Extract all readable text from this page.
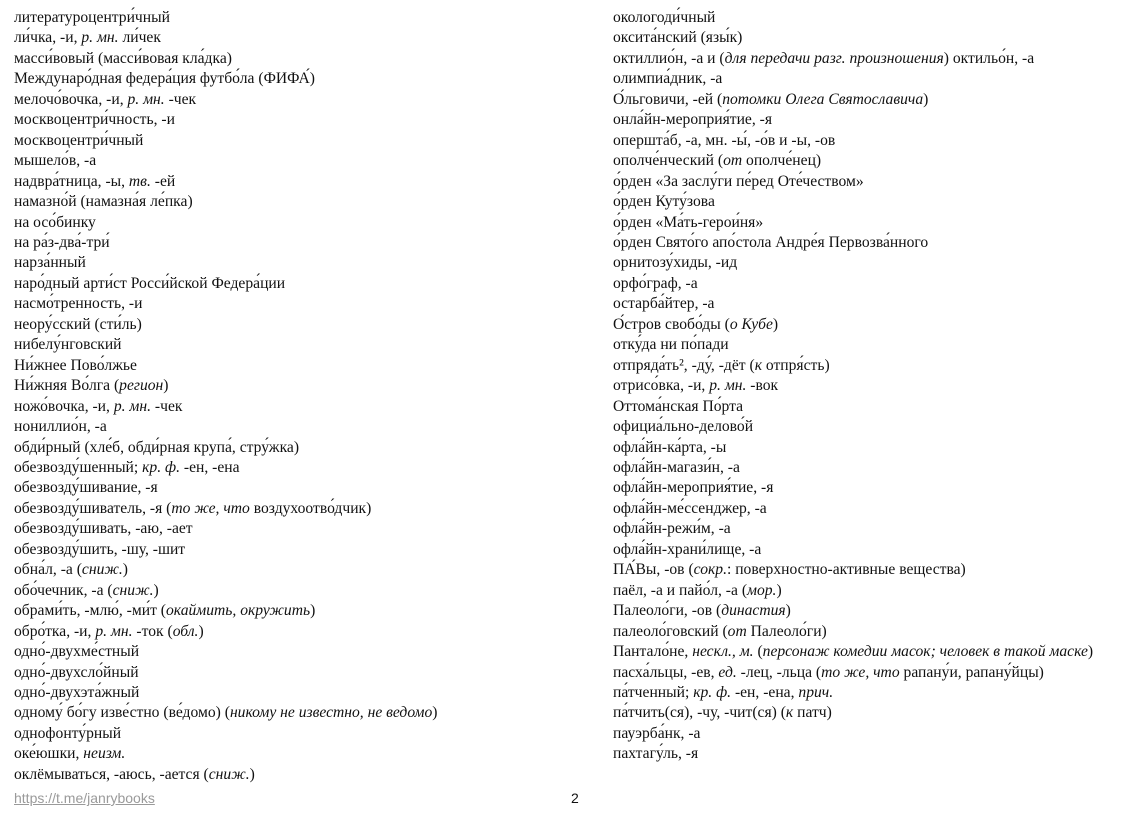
литературоцентри́чный
ли́чка, -и, р. мн. ли́чек
масси́вовый (масси́вовая кла́дка)
Междунаро́дная федера́ция футбо́ла (ФИФА́)
мелочо́вочка, -и, р. мн. -чек
москвоцентри́чность, -и
москвоцентри́чный
мышело́в, -а
надвра́тница, -ы, тв. -ей
намазно́й (намазна́я ле́пка)
на осо́бинку
на ра́з-два́-три́
нарза́нный
наро́дный арти́ст Росси́йской Федера́ции
насмо́тренность, -и
неору́сский (сти́ль)
нибелу́нговский
Ни́жнее Пово́лжье
Ни́жняя Во́лга (регион)
ножо́вочка, -и, р. мн. -чек
нониллио́н, -а
обди́рный (хле́б, обди́рная крупа́, стру́жка)
обезвозду́шенный; кр. ф. -ен, -ена
обезвозду́шивание, -я
обезвозду́шиватель, -я (то же, что воздухоотво́дчик)
обезвозду́шивать, -аю, -ает
обезвозду́шить, -шу, -шит
обна́л, -а (сниж.)
обо́чечник, -а (сниж.)
обрами́ть, -млю́, -ми́т (окаймить, окружить)
обро́тка, -и, р. мн. -ток (обл.)
одно́-двухме́стный
одно́-двухсло́йный
одно́-двухэта́жный
одному́ бо́гу изве́стно (ве́домо) (никому не известно, не ведомо)
однофонту́рный
оке́юшки, неизм.
оклёмываться, -аюсь, -ается (сниж.)
окологоди́чный
оксита́нский (язы́к)
октиллио́н, -а и (для передачи разг. произношения) октильо́н, -а
олимпиа́дник, -а
О́льговичи, -ей (потомки Олега Святославича)
онла́йн-мероприя́тие, -я
опершта́б, -а, мн. -ы́, -о́в и -ы, -ов
ополче́нческий (от ополче́нец)
о́рден «За заслу́ги пе́ред Оте́чеством»
о́рден Куту́зова
о́рден «Ма́ть-герои́ня»
о́рден Свято́го апо́стола Андре́я Первозва́нного
орнитозу́хиды, -ид
орфо́граф, -а
остарба́йтер, -а
О́стров свобо́ды (о Кубе)
отку́да ни по́пади
отпряда́ть², -ду́, -дёт (к отпря́сть)
отрисо́вка, -и, р. мн. -вок
Оттома́нская По́рта
официа́льно-делово́й
офла́йн-ка́рта, -ы
офла́йн-магази́н, -а
офла́йн-мероприя́тие, -я
офла́йн-ме́ссенджер, -а
офла́йн-режи́м, -а
офла́йн-храни́лище, -а
ПА́Вы, -ов (сокр.: поверхностно-активные вещества)
паёл, -а и пайо́л, -а (мор.)
Палеоло́ги, -ов (династия)
палеоло́говский (от Палеоло́ги)
Пантало́не, нескл., м. (персонаж комедии масок; человек в такой маске)
пасха́льцы, -ев, ед. -лец, -льца (то же, что рапану́и, рапану́йцы)
па́тченный; кр. ф. -ен, -ена, прич.
па́тчить(ся), -чу, -чит(ся) (к патч)
пауэрба́нк, -а
пахтагу́ль, -я
https://t.me/janrybooks	2
